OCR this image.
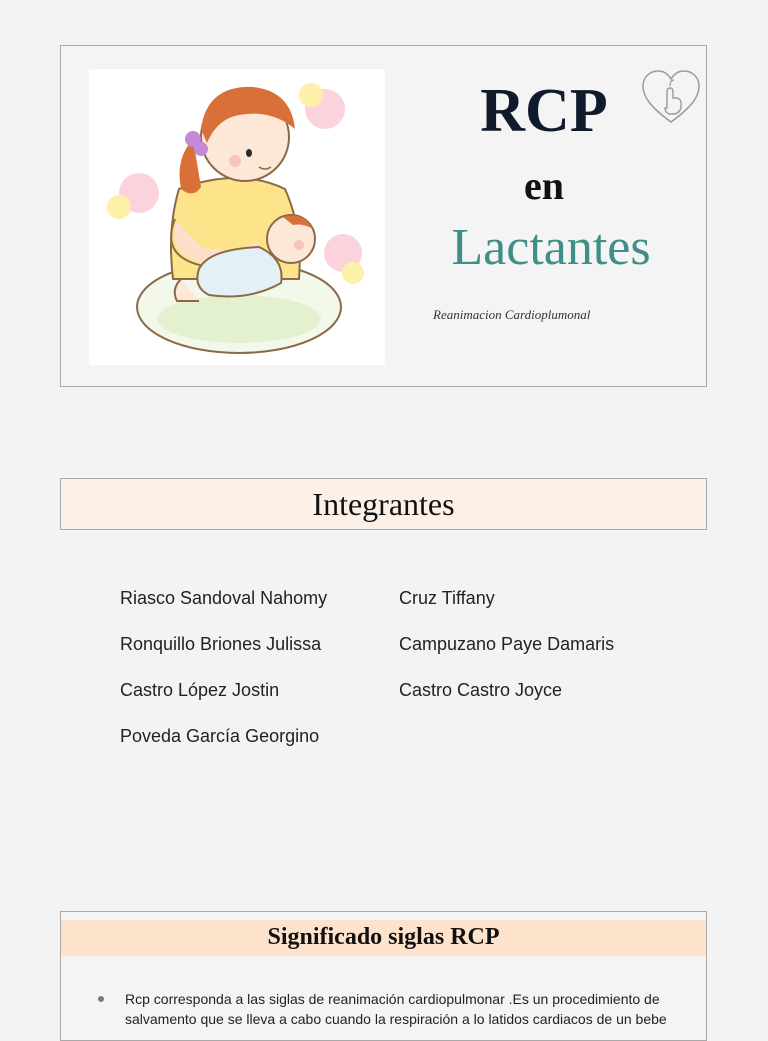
RCP
en
Lactantes
Reanimacion Cardioplumonal
Integrantes
Riasco Sandoval Nahomy
Ronquillo Briones Julissa
Castro López Jostin
Poveda García Georgino
Cruz Tiffany
Campuzano Paye Damaris
Castro Castro Joyce
Significado siglas RCP
Rcp corresponda a las siglas de reanimación cardiopulmonar .Es un procedimiento de salvamento que se lleva a cabo cuando la respiración a lo latidos cardiacos de un bebe
